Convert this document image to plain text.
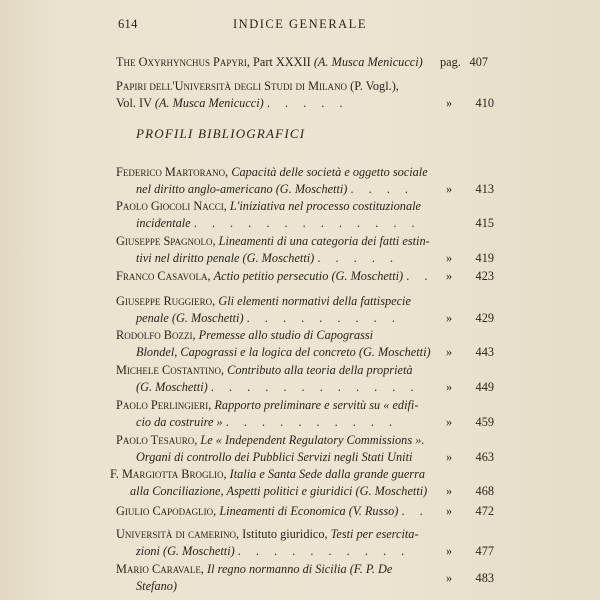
614	INDICE GENERALE
The Oxyrhynchus Papyri, Part XXXII (A. Musca Menicucci)	pag. 407
Papiri dell'Università degli Studi di Milano (P. Vogl.),
Vol. IV (A. Musca Menicucci) . . . . .	» 410
PROFILI BIBLIOGRAFICI
Federico Martorano, Capacità delle società e oggetto sociale
nel diritto anglo-americano (G. Moschetti) . . . .	» 413
Paolo Giocoli Nacci, L'iniziativa nel processo costituzionale
incidentale . . . . . . . . . . . . .	415
Giuseppe Spagnolo, Lineamenti di una categoria dei fatti estin-
tivi nel diritto penale (G. Moschetti) . . . . .	» 419
Franco Casavola, Actio petitio persecutio (G. Moschetti) . .	» 423
Giuseppe Ruggiero, Gli elementi normativi della fattispecie
penale (G. Moschetti) . . . . . . . . .	» 429
Rodolfo Bozzi, Premesse allo studio di Capograssi
Blondel, Capograssi e la logica del concreto (G. Moschetti)	» 443
Michele Costantino, Contributo alla teoria della proprietà
(G. Moschetti) . . . . . . . . . . . .	» 449
Paolo Perlingieri, Rapporto preliminare e servitù su « edifi-
cio da costruire » . . . . . . . . . .	» 459
Paolo Tesauro, Le « Independent Regulatory Commissions ».
Organi di controllo dei Pubblici Servizi negli Stati Uniti	» 463
F. Margiotta Broglio, Italia e Santa Sede dalla grande guerra
alla Conciliazione, Aspetti politici e giuridici (G. Moschetti)	» 468
Giulio Capodaglio, Lineamenti di Economica (V. Russo) . .	» 472
Università di camerino, Istituto giuridico, Testi per esercita-
zioni (G. Moschetti) . . . . . . . . . .	» 477
Mario Caravale, Il regno normanno di Sicilia (F. P. De
Stefano)
» 483
